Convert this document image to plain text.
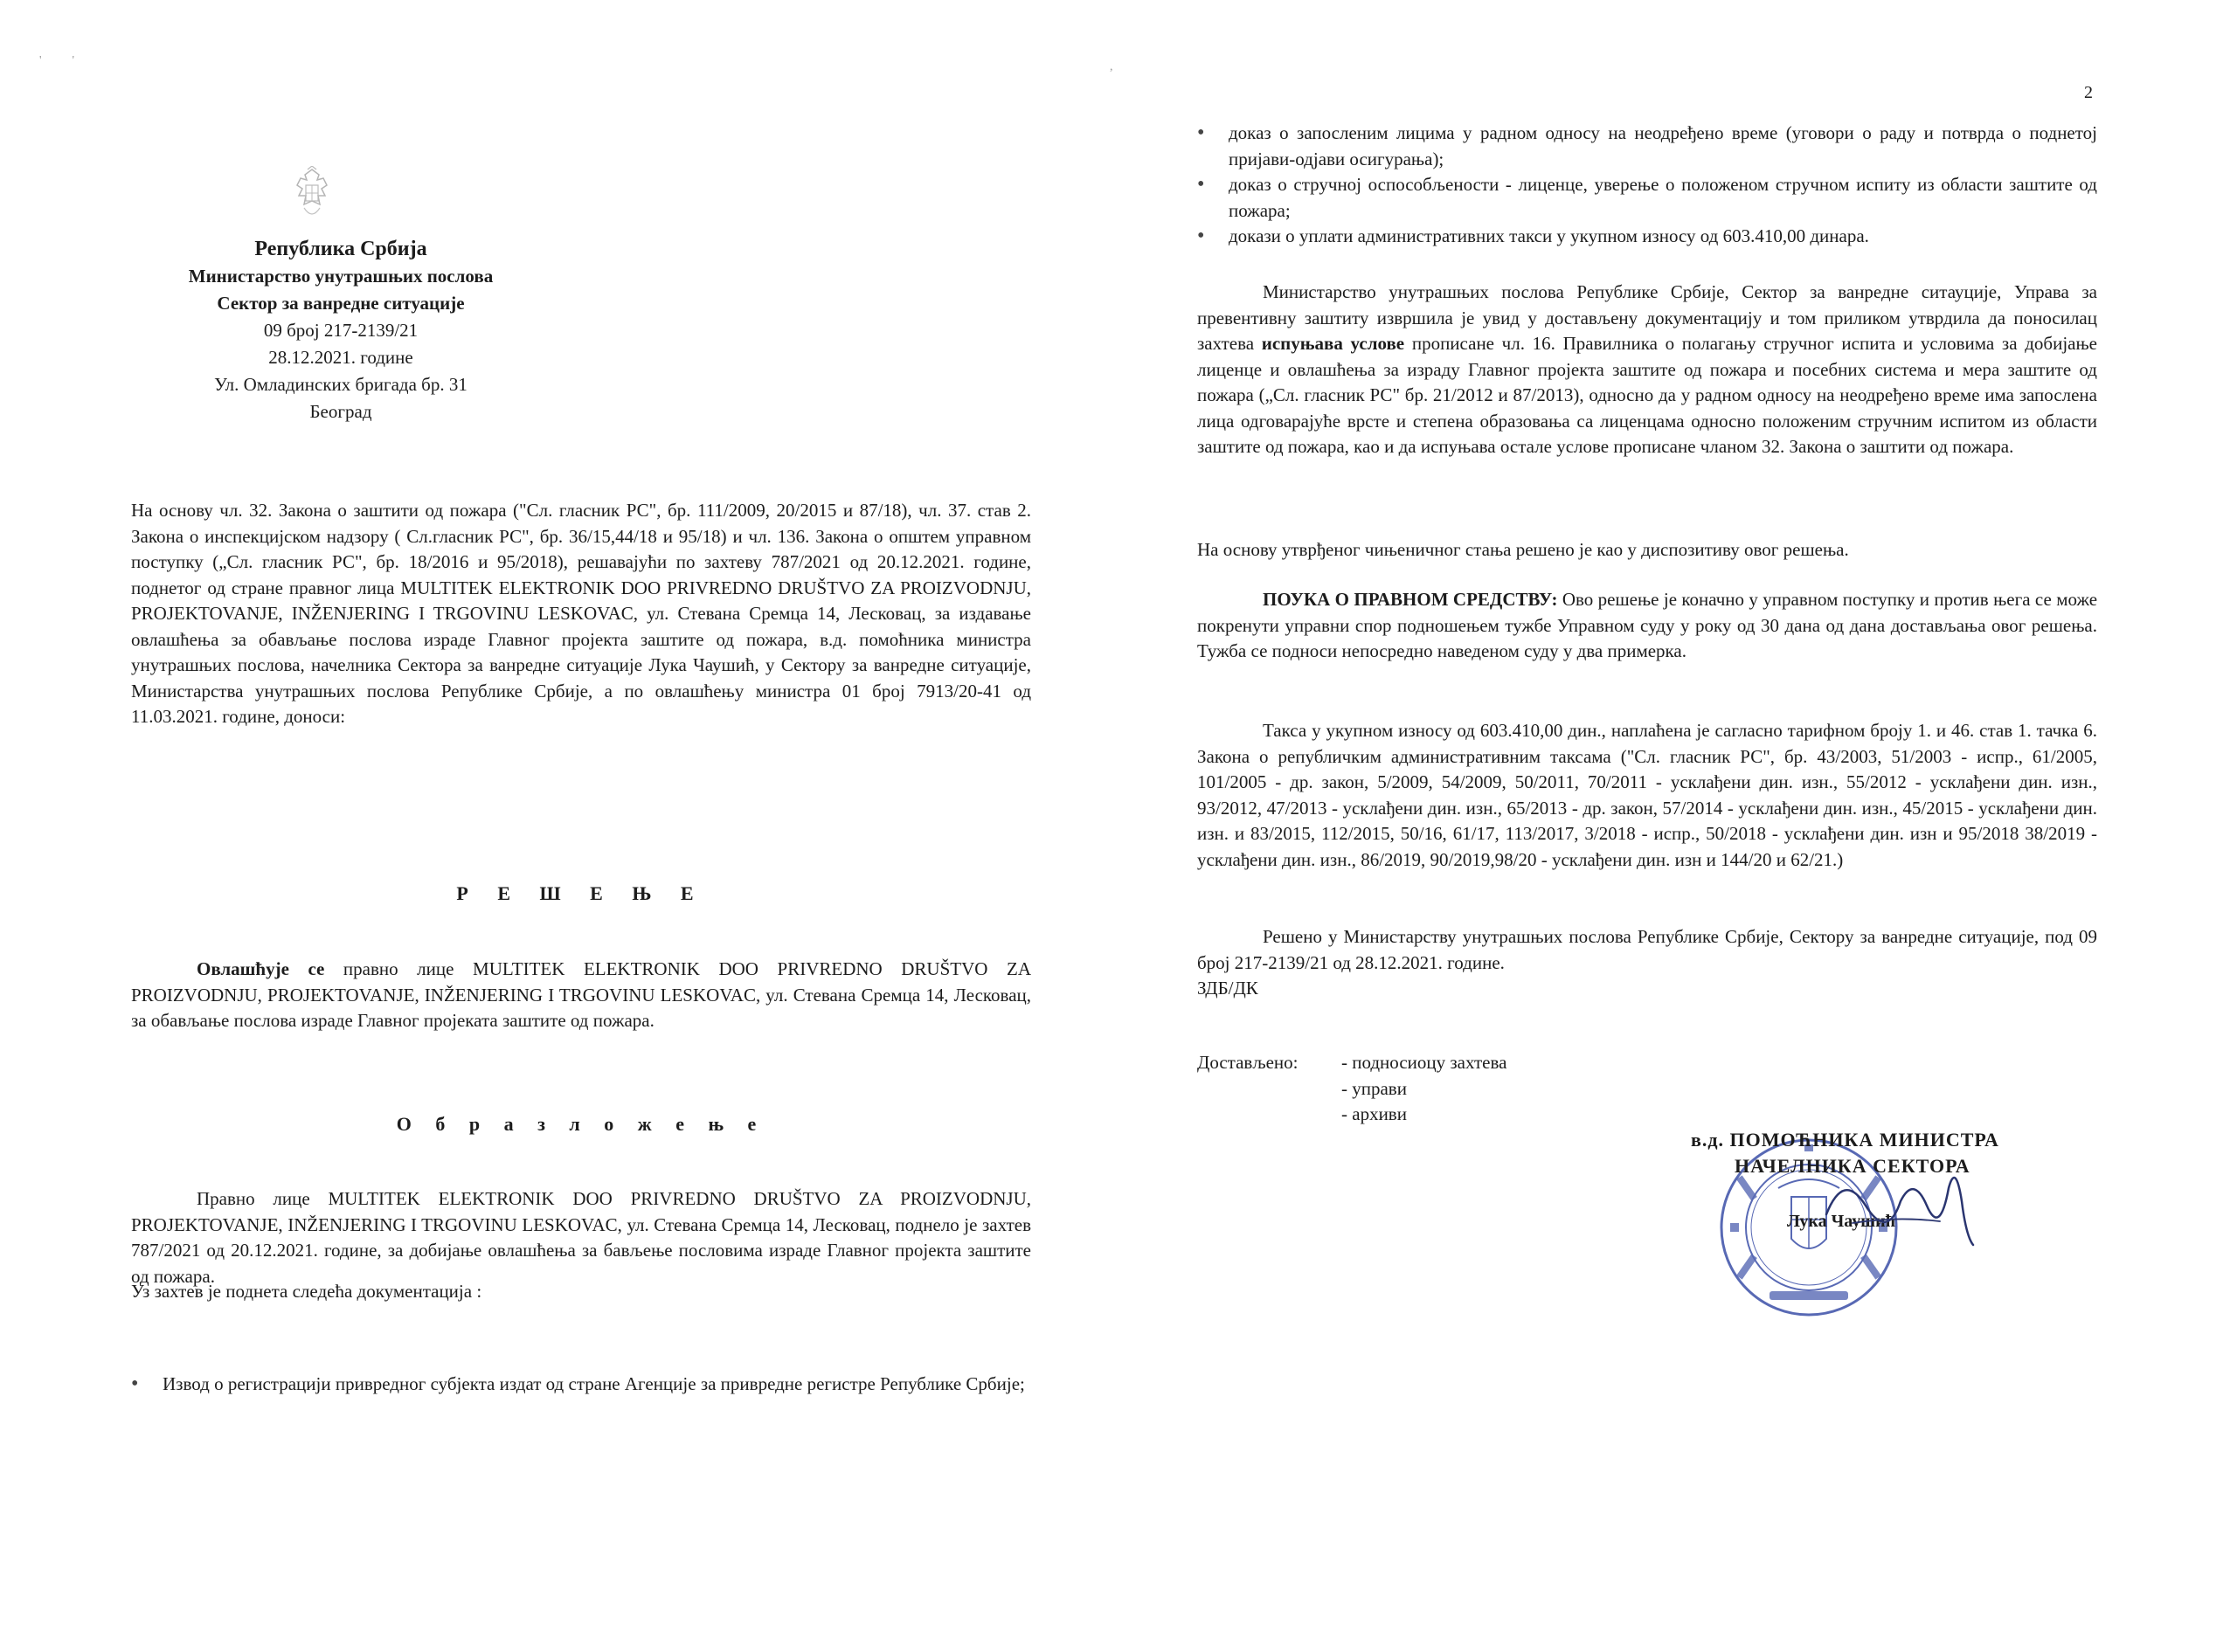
Република Србија
Министарство унутрашњих послова
Сектор за ванредне ситуације
09 број 217-2139/21
28.12.2021. године
Ул. Омладинских бригада бр. 31
Београд

На основу чл. 32. Закона о заштити од пожара ("Сл. гласник РС", бр. 111/2009, 20/2015 и 87/18), чл. 37. став 2. Закона о инспекцијском надзору ( Сл.гласник РС", бр. 36/15,44/18 и 95/18) и чл. 136. Закона о општем управном поступку („Сл. гласник РС", бр. 18/2016 и 95/2018), решавајући по захтеву 787/2021 од 20.12.2021. године, поднетог од стране правног лица MULTITEK ELEKTRONIK DOO PRIVREDNO DRUŠTVO ZA PROIZVODNJU, PROJEKTOVANJE, INŽENJERING I TRGOVINU LESKOVAC, ул. Стевана Сремца 14, Лесковац, за издавање овлашћења за обављање послова израде Главног пројекта заштите од пожара, в.д. помоћника министра унутрашњих послова, начелника Сектора за ванредне ситуације Лука Чаушић, у Сектору за ванредне ситуације, Министарства унутрашњих послова Републике Србије, а по овлашћењу министра 01 број 7913/20-41 од 11.03.2021. године, доноси:

Р Е Ш Е Њ Е

Овлашћује се правно лице MULTITEK ELEKTRONIK DOO PRIVREDNO DRUŠTVO ZA PROIZVODNJU, PROJEKTOVANJE, INŽENJERING I TRGOVINU LESKOVAC, ул. Стевана Сремца 14, Лесковац, за обављање послова израде Главног пројеката заштите од пожара.

О б р а з л о ж е њ е

Правно лице MULTITEK ELEKTRONIK DOO PRIVREDNO DRUŠTVO ZA PROIZVODNJU, PROJEKTOVANJE, INŽENJERING I TRGOVINU LESKOVAC, ул. Стевана Сремца 14, Лесковац, поднело је захтев 787/2021 од 20.12.2021. године, за добијање овлашћења за бављење пословима израде Главног пројекта заштите од пожара.

Уз захтев је поднета следећа документација :

• Извод о регистрацији привредног субјекта издат од стране Агенције за привредне регистре Републике Србије;
'          '
2
• доказ о запосленим лицима у радном односу на неодређено време (уговори о раду и потврда о поднетој пријави-одјави осигурања);
• доказ о стручној оспособљености - лиценце, уверење о положеном стручном испиту из области заштите од пожара;
• докази о уплати административних такси у укупном износу од 603.410,00 динара.

Министарство унутрашњих послова Републике Србије, Сектор за ванредне ситауције, Управа за превентивну заштиту извршила је увид у достављену документацију и том приликом утврдила да поносилац захтева испуњава услове прописане чл. 16. Правилника о полагању стручног испита и условима за добијање лиценце и овлашћења за израду Главног пројекта заштите од пожара и посебних система и мера заштите од пожара („Сл. гласник РС" бр. 21/2012 и 87/2013), односно да у радном односу на неодређено време има запослена лица одговарајуће врсте и степена образовања са лиценцама односно положеним стручним испитом из области заштите од пожара, као и да испуњава остале услове прописане чланом 32. Закона о заштити од пожара.

На основу утврђеног чињеничног стања решено је као у диспозитиву овог решења.

ПОУКА О ПРАВНОМ СРЕДСТВУ: Ово решење је коначно у управном поступку и против њега се може покренути управни спор подношењем тужбе Управном суду у року од 30 дана од дана достављања овог решења. Тужба се подноси непосредно наведеном суду у два примерка.

Такса у укупном износу од 603.410,00 дин., наплаћена је сагласно тарифном броју 1. и 46. став 1. тачка 6. Закона о републичким административним таксама ("Сл. гласник РС", бр. 43/2003, 51/2003 - испр., 61/2005, 101/2005 - др. закон, 5/2009, 54/2009, 50/2011, 70/2011 - усклађени дин. изн., 55/2012 - усклађени дин. изн., 93/2012, 47/2013 - усклађени дин. изн., 65/2013 - др. закон, 57/2014 - усклађени дин. изн., 45/2015 - усклађени дин. изн. и 83/2015, 112/2015, 50/16, 61/17, 113/2017, 3/2018 - испр., 50/2018 - усклађени дин. изн и 95/2018 38/2019 - усклађени дин. изн., 86/2019, 90/2019,98/20 - усклађени дин. изн и 144/20 и 62/21.)

Решено у Министарству унутрашњих послова Републике Србије, Сектору за ванредне ситуације, под 09 број 217-2139/21 од 28.12.2021. године.

ЗДБ/ДК
Достављено:	- подносиоцу захтева
- управи
- архиви
,
в.д. ПОМОЋНИКА МИНИСТРА
НАЧЕЛНИКА СЕКТОРА
Лука Чаушић
